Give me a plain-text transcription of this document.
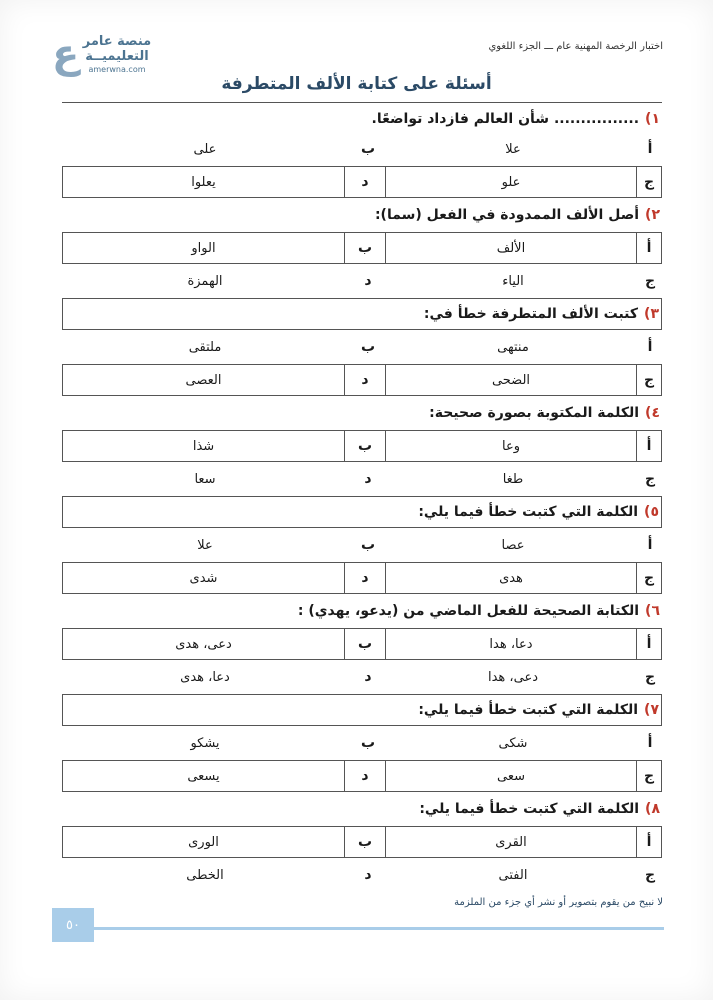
اختبار الرخصة المهنية عام ـــ الجزء اللغوي
ع منصة عامر
التعليميــة
amerwna.com
أسئلة على كتابة الألف المتطرفة
١)
................ شأن العالم فازداد تواضعًا.
أ
علا
ب
على
ج
علو
د
يعلوا
٢)
أصل الألف الممدودة في الفعل (سما):
أ
الألف
ب
الواو
ج
الياء
د
الهمزة
٣)
كتبت الألف المتطرفة خطأ في:
أ
منتهى
ب
ملتقى
ج
الضحى
د
العصى
٤)
الكلمة المكتوبة بصورة صحيحة:
أ
وعا
ب
شذا
ج
طغا
د
سعا
٥)
الكلمة التي كتبت خطأ فيما يلي:
أ
عصا
ب
علا
ج
هدى
د
شدى
٦)
الكتابة الصحيحة للفعل الماضي من (يدعو، يهدي) :
أ
دعا، هدا
ب
دعى، هدى
ج
دعى، هدا
د
دعا، هدى
٧)
الكلمة التي كتبت خطأ فيما يلي:
أ
شكى
ب
يشكو
ج
سعى
د
يسعى
٨)
الكلمة التي كتبت خطأ فيما يلي:
أ
القرى
ب
الورى
ج
الفتى
د
الخطى
لا نبيح من يقوم بتصوير أو نشر أي جزء من الملزمة
٥٠
